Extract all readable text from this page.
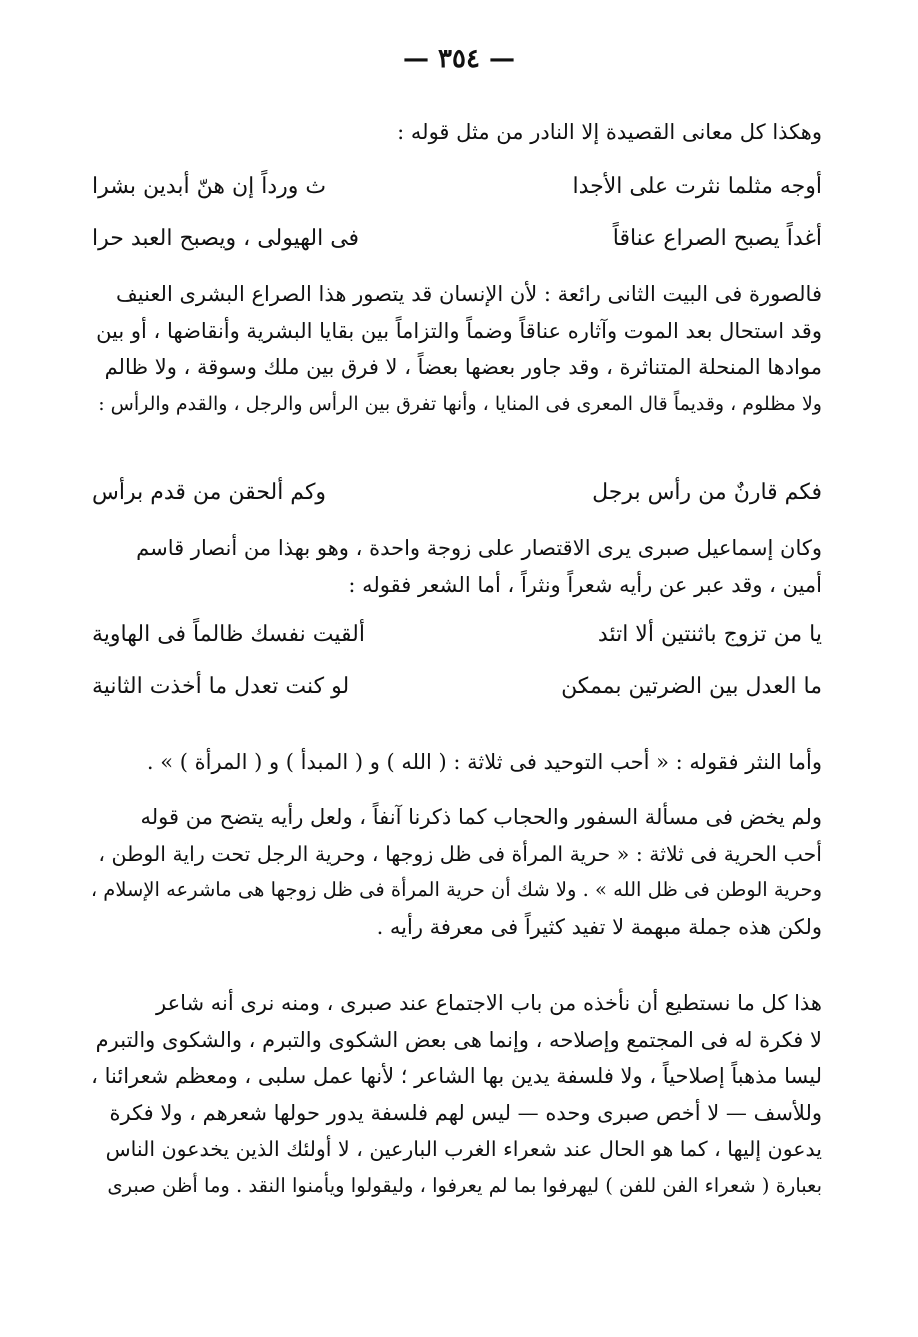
— ٣٥٤ —
وهكذا كل معانى القصيدة إلا النادر من مثل قوله :
أوجه مثلما نثرت على الأجدا
ث ورداً إن هنّ أبدين بشرا
أغداً يصبح الصراع عناقاً
فى الهيولى ، ويصبح العبد حرا
فالصورة فى البيت الثانى رائعة : لأن الإنسان قد يتصور هذا الصراع البشرى العنيف
وقد استحال بعد الموت وآثاره عناقاً وضماً والتزاماً بين بقايا البشرية وأنقاضها ، أو بين
موادها المنحلة المتناثرة ، وقد جاور بعضها بعضاً ، لا فرق بين ملك وسوقة ، ولا ظالم
ولا مظلوم ، وقديماً قال المعرى فى المنايا ، وأنها تفرق بين الرأس والرجل ، والقدم والرأس :
فكم قارنٌ من رأس برجل
وكم ألحقن من قدم برأس
وكان إسماعيل صبرى يرى الاقتصار على زوجة واحدة ، وهو بهذا من أنصار قاسم
أمين ، وقد عبر عن رأيه شعراً ونثراً ، أما الشعر فقوله :
يا من تزوج باثنتين ألا اتئد
ألقيت نفسك ظالماً فى الهاوية
ما العدل بين الضرتين بممكن
لو كنت تعدل ما أخذت الثانية
وأما النثر فقوله : « أحب التوحيد فى ثلاثة : ( الله ) و ( المبدأ ) و ( المرأة ) » .
ولم يخض فى مسألة السفور والحجاب كما ذكرنا آنفاً ، ولعل رأيه يتضح من قوله
أحب الحرية فى ثلاثة : « حرية المرأة فى ظل زوجها ، وحرية الرجل تحت راية الوطن ،
وحرية الوطن فى ظل الله » . ولا شك أن حرية المرأة فى ظل زوجها هى ماشرعه الإسلام ،
ولكن هذه جملة مبهمة لا تفيد كثيراً فى معرفة رأيه .
هذا كل ما نستطيع أن نأخذه من باب الاجتماع عند صبرى ، ومنه نرى أنه شاعر
لا فكرة له فى المجتمع وإصلاحه ، وإنما هى بعض الشكوى والتبرم ، والشكوى والتبرم
ليسا مذهباً إصلاحياً ، ولا فلسفة يدين بها الشاعر ؛ لأنها عمل سلبى ، ومعظم شعرائنا ،
وللأسف — لا أخص صبرى وحده — ليس لهم فلسفة يدور حولها شعرهم ، ولا فكرة
يدعون إليها ، كما هو الحال عند شعراء الغرب البارعين ، لا أولئك الذين يخدعون الناس
بعبارة ( شعراء الفن للفن ) ليهرفوا بما لم يعرفوا ، وليقولوا ويأمنوا النقد . وما أظن صبرى
